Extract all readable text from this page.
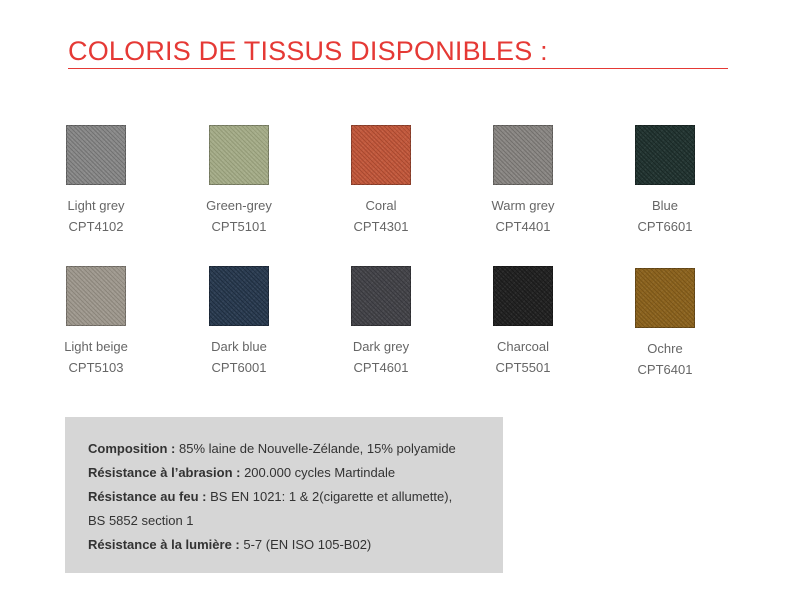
COLORIS DE TISSUS DISPONIBLES :
Light grey
CPT4102
Green-grey
CPT5101
Coral
CPT4301
Warm grey
CPT4401
Blue
CPT6601
Light beige
CPT5103
Dark blue
CPT6001
Dark grey
CPT4601
Charcoal
CPT5501
Ochre
CPT6401
Composition : 85% laine de Nouvelle-Zélande, 15% polyamide
Résistance à l’abrasion : 200.000 cycles Martindale
Résistance au feu : BS EN 1021: 1 & 2(cigarette et allumette),
BS 5852 section 1
Résistance à la lumière : 5-7 (EN ISO 105-B02)
